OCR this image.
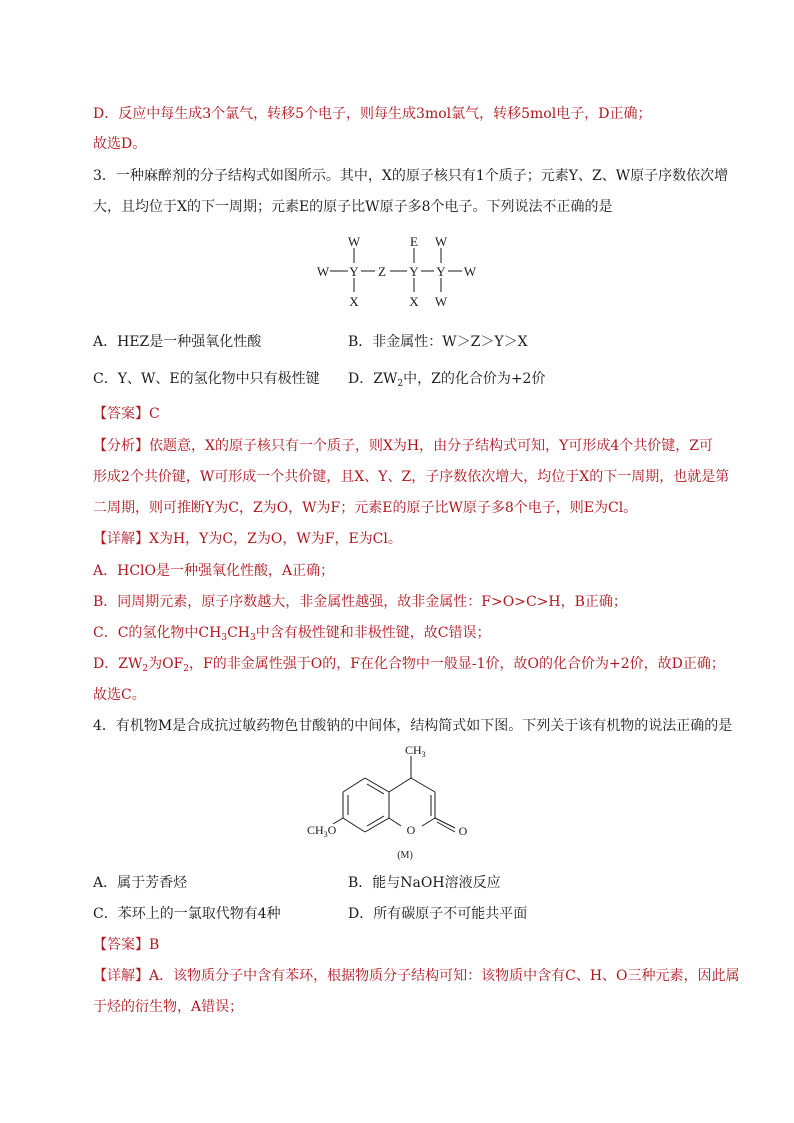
D．反应中每生成3个氯气，转移5个电子，则每生成3mol氯气，转移5mol电子，D正确；
故选D。
3．一种麻醉剂的分子结构式如图所示。其中，X的原子核只有1个质子；元素Y、Z、W原子序数依次增
大，且均位于X的下一周期；元素E的原子比W原子多8个电子。下列说法不正确的是
W
W Y Z
X
E
Y
X
W
Y
W
W
A．HEZ是一种强氧化性酸	B．非金属性：W＞Z＞Y＞X
C．Y、W、E的氢化物中只有极性键 D．$ZW_2$中，Z的化合价为+2价
【答案】C
【分析】依题意，X的原子核只有一个质子，则X为H，由分子结构式可知，Y可形成4个共价键，Z可
形成2个共价键，W可形成一个共价键，且X、Y、Z，子序数依次增大，均位于X的下一周期，也就是第
二周期，则可推断Y为C，Z为O，W为F；元素E的原子比W原子多8个电子，则E为Cl。
【详解】X为H，Y为C，Z为O，W为F，E为Cl。
A．HClO是一种强氧化性酸，A正确；
B．同周期元素，原子序数越大，非金属性越强，故非金属性：F>O>C>H，B正确；
C．C的氢化物中$CH_3CH_3$中含有极性键和非极性键，故C错误；
D．$ZW_2$为$OF_2$，F的非金属性强于O的，F在化合物中一般显-1价，故O的化合价为+2价，故D正确；
故选C。
4．有机物M是合成抗过敏药物色甘酸钠的中间体，结构简式如下图。下列关于该有机物的说法正确的是
$CH_3$
$CH_3O$	O	O
(M)
A．属于芳香烃	B．能与NaOH溶液反应
C．苯环上的一氯取代物有4种	D．所有碳原子不可能共平面
【答案】B
【详解】A．该物质分子中含有苯环，根据物质分子结构可知：该物质中含有C、H、O三种元素，因此属
于烃的衍生物，A错误；
